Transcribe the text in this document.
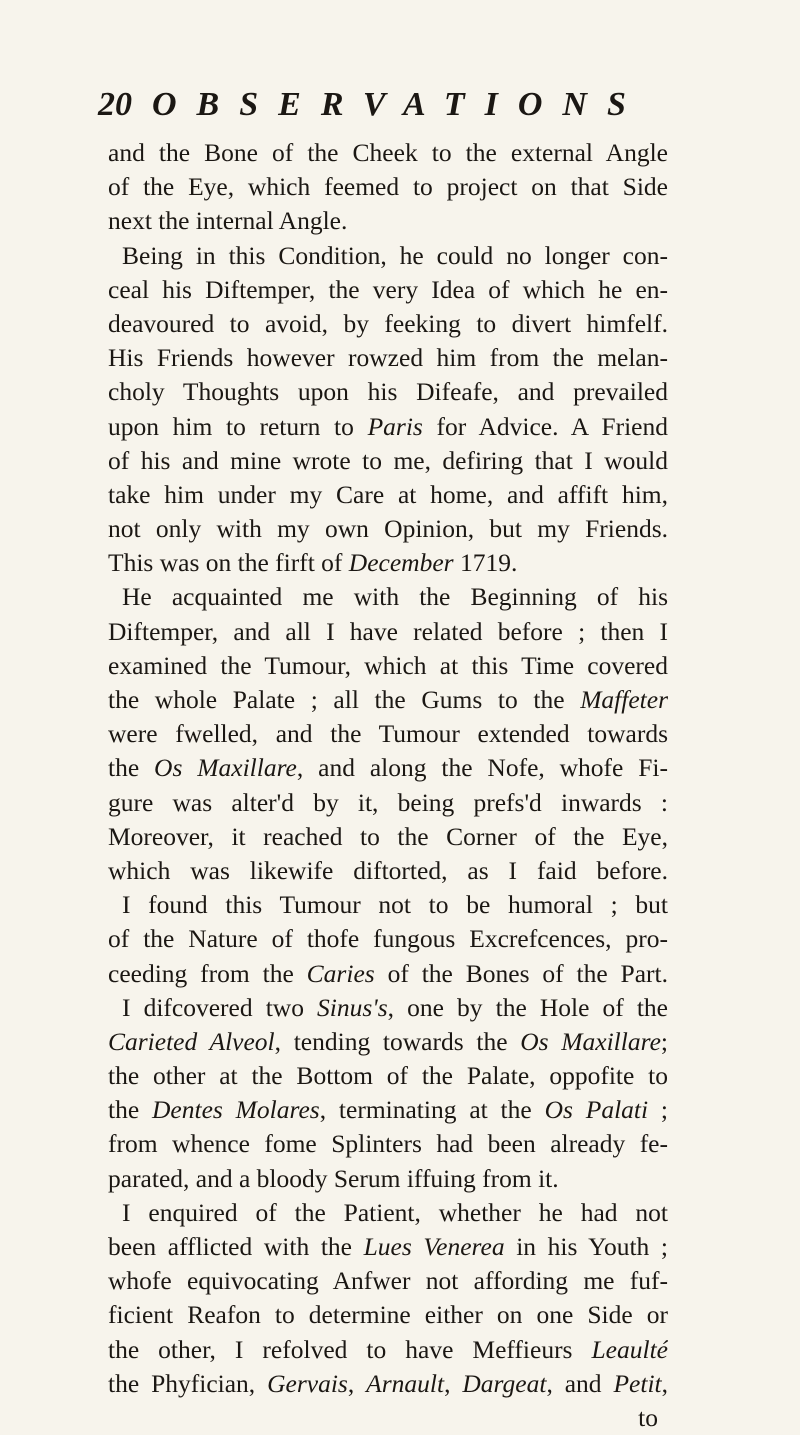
20 OBSERVATIONS
and the Bone of the Cheek to the external Angle
of the Eye, which feemed to project on that Side
next the internal Angle.
Being in this Condition, he could no longer con-
ceal his Diftemper, the very Idea of which he en-
deavoured to avoid, by feeking to divert himfelf.
His Friends however rowzed him from the melan-
choly Thoughts upon his Difeafe, and prevailed
upon him to return to Paris for Advice. A Friend
of his and mine wrote to me, defiring that I would
take him under my Care at home, and affift him,
not only with my own Opinion, but my Friends.
This was on the firft of December 1719.
He acquainted me with the Beginning of his
Diftemper, and all I have related before ; then I
examined the Tumour, which at this Time covered
the whole Palate ; all the Gums to the Maffeter
were fwelled, and the Tumour extended towards
the Os Maxillare, and along the Nofe, whofe Fi-
gure was alter'd by it, being prefs'd inwards :
Moreover, it reached to the Corner of the Eye,
which was likewife diftorted, as I faid before.
I found this Tumour not to be humoral ; but
of the Nature of thofe fungous Excrefcences, pro-
ceeding from the Caries of the Bones of the Part.
I difcovered two Sinus's, one by the Hole of the
Carieted Alveol, tending towards the Os Maxillare;
the other at the Bottom of the Palate, oppofite to
the Dentes Molares, terminating at the Os Palati ;
from whence fome Splinters had been already fe-
parated, and a bloody Serum iffuing from it.
I enquired of the Patient, whether he had not
been afflicted with the Lues Venerea in his Youth ;
whofe equivocating Anfwer not affording me fuf-
ficient Reafon to determine either on one Side or
the other, I refolved to have Meffieurs Leaulté
the Phyfician, Gervais, Arnault, Dargeat, and Petit,
to
